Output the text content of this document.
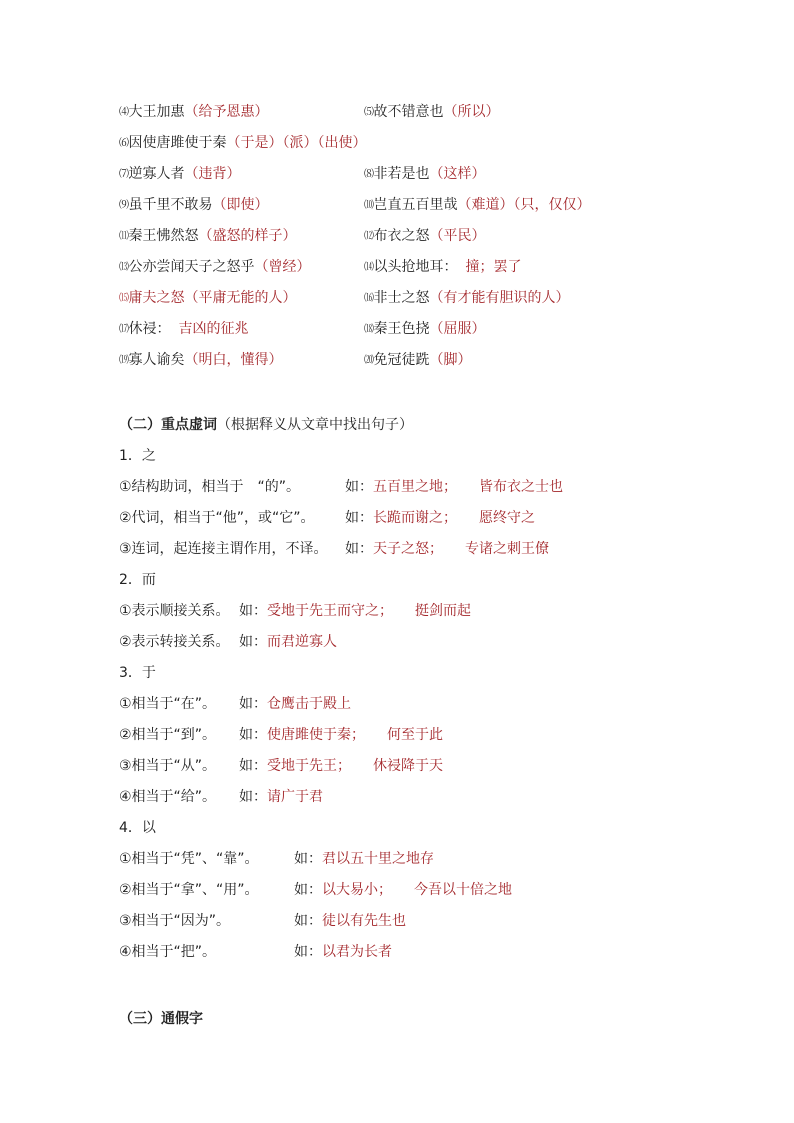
⑷大王加惠（给予恩惠）	⑸故不错意也（所以）
⑹因使唐雎使于秦（于是）（派）（出使）
⑺逆寡人者（违背）	⑻非若是也（这样）
⑼虽千里不敢易（即使）	⑽岂直五百里哉（难道）（只，仅仅）
⑾秦王怫然怒（盛怒的样子）	⑿布衣之怒（平民）
⒀公亦尝闻天子之怒乎（曾经）	⒁以头抢地耳： 撞；罢了
⒂庸夫之怒（平庸无能的人）	⒃非士之怒（有才能有胆识的人）
⒄休祲： 吉凶的征兆	⒅秦王色挠（屈服）
⒆寡人谕矣（明白，懂得）	⒇免冠徒跣（脚）
（二）重点虚词（根据释义从文章中找出句子）
1．之
①结构助词，相当于　“的”。	如：五百里之地； 皆布衣之士也
②代词，相当于“他”，或“它”。 如：长跪而谢之； 愿终守之
③连词，起连接主谓作用，不译。 如：天子之怒； 专诸之刺王僚
2．而
①表示顺接关系。 如：受地于先王而守之； 挺剑而起
②表示转接关系。 如：而君逆寡人
3．于
①相当于“在”。 如：仓鹰击于殿上
②相当于“到”。 如：使唐雎使于秦； 何至于此
③相当于“从”。 如：受地于先王； 休祲降于天
④相当于“给”。 如：请广于君
4．以
①相当于“凭”、“靠”。	如：君以五十里之地存
②相当于“拿”、“用”。	如：以大易小； 今吾以十倍之地
③相当于“因为”。	如：徒以有先生也
④相当于“把”。	如：以君为长者
（三）通假字
